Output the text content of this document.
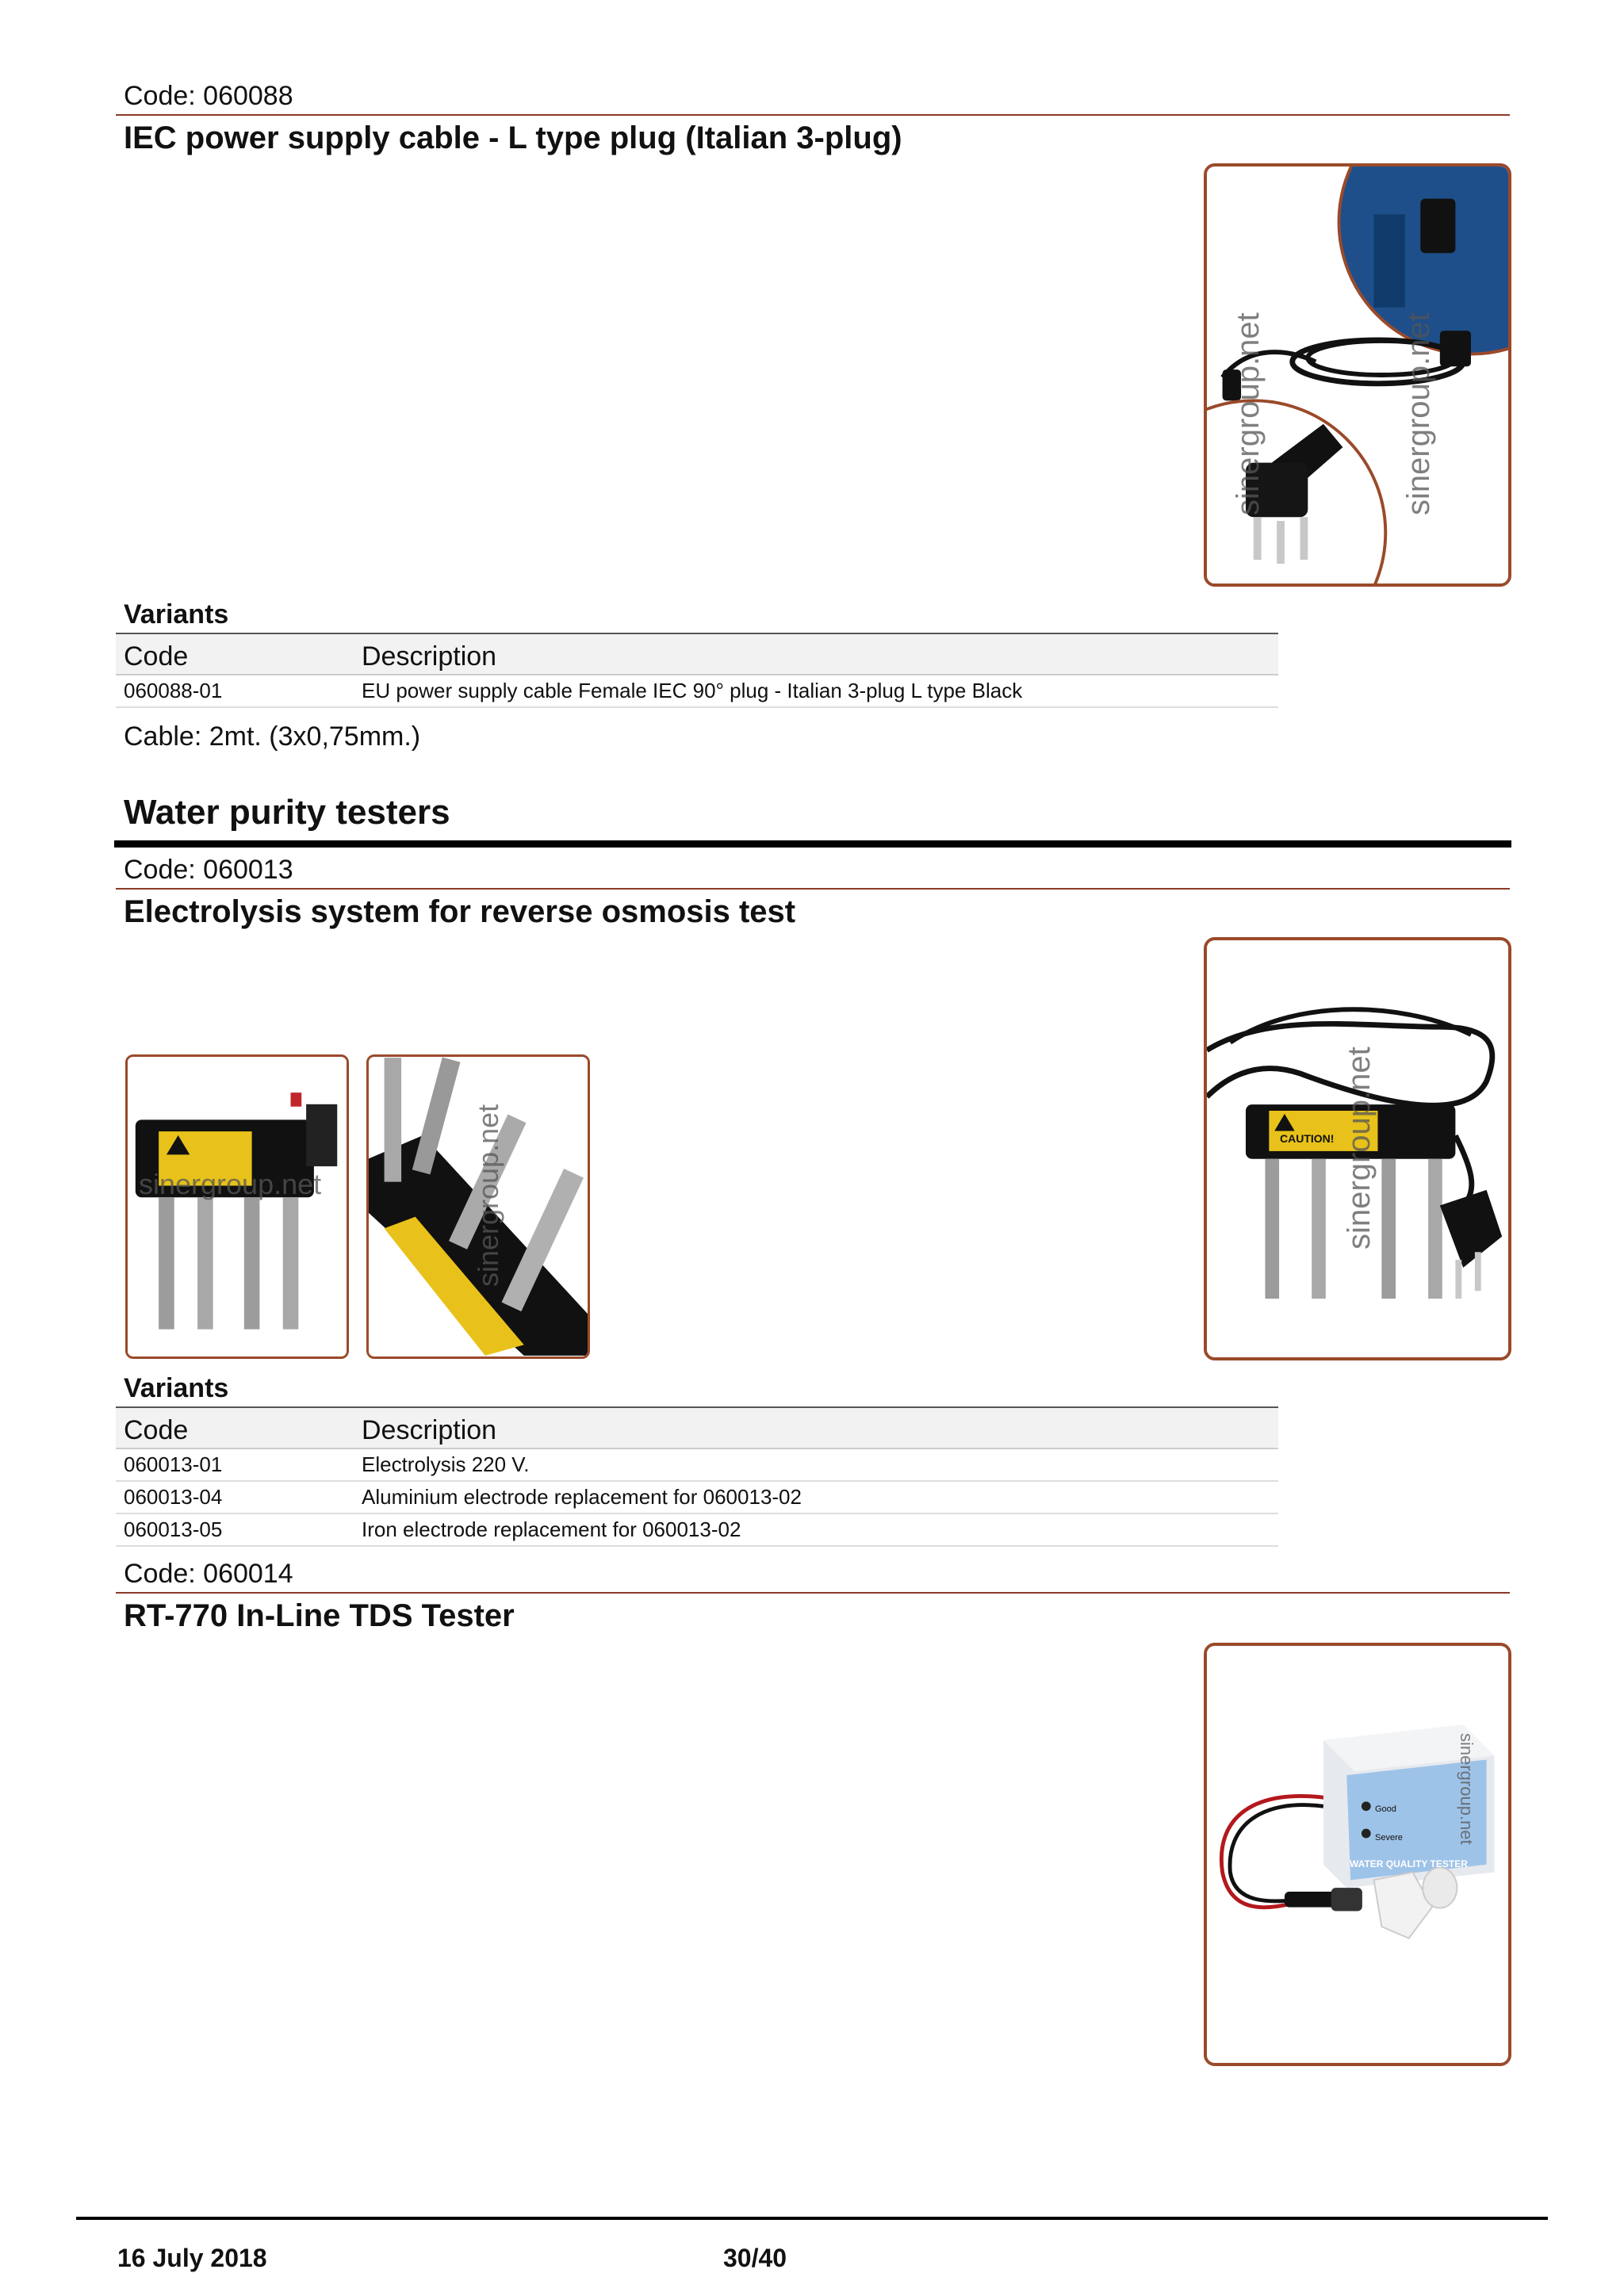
Code: 060088
IEC power supply cable - L type plug (Italian 3-plug)
sinergroup.net	sinergroup.net
Variants
Code	Description
060088-01	EU power supply cable Female IEC 90° plug - Italian 3-plug L type Black
Cable: 2mt. (3x0,75mm.)
Water purity testers
Code: 060013
Electrolysis system for reverse osmosis test
sinergroup.net	sinergroup.net	sinergroup.net
CAUTION!
Variants
Code	Description
060013-01	Electrolysis 220 V.
060013-04	Aluminium electrode replacement for 060013-02
060013-05	Iron electrode replacement for 060013-02
Code: 060014
RT-770 In-Line TDS Tester
Good
Severe
WATER QUALITY TESTER
sinergroup.net
16 July 2018	30/40
